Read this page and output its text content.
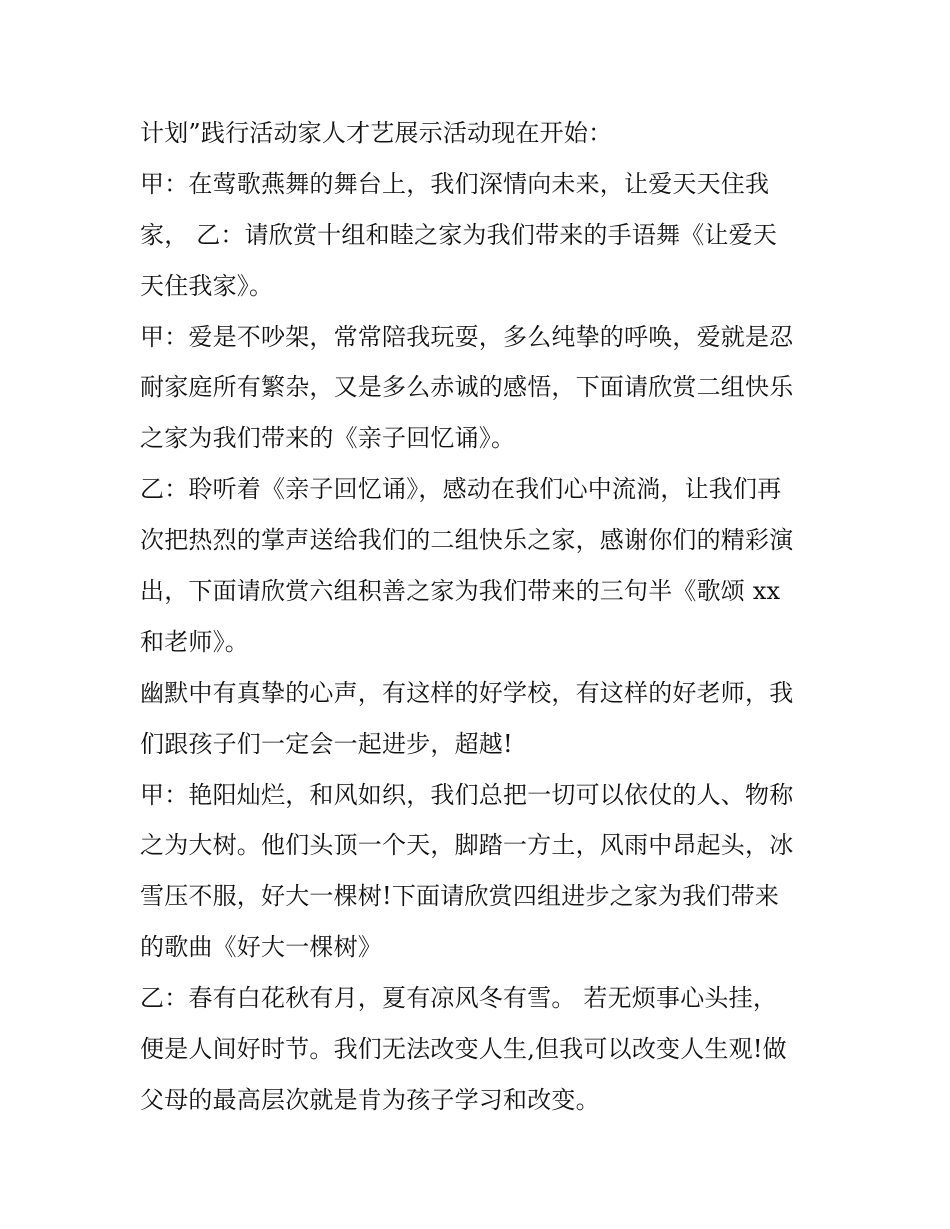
计划”践行活动家人才艺展示活动现在开始：
甲：在莺歌燕舞的舞台上，我们深情向未来，让爱天天住我
家， 乙：请欣赏十组和睦之家为我们带来的手语舞《让爱天
天住我家》。
甲：爱是不吵架，常常陪我玩耍，多么纯挚的呼唤，爱就是忍
耐家庭所有繁杂，又是多么赤诚的感悟，下面请欣赏二组快乐
之家为我们带来的《亲子回忆诵》。
乙：聆听着《亲子回忆诵》，感动在我们心中流淌，让我们再
次把热烈的掌声送给我们的二组快乐之家，感谢你们的精彩演
出，下面请欣赏六组积善之家为我们带来的三句半《歌颂 xx
和老师》。
幽默中有真挚的心声，有这样的好学校，有这样的好老师，我
们跟孩子们一定会一起进步，超越!
甲：艳阳灿烂，和风如织，我们总把一切可以依仗的人、物称
之为大树。他们头顶一个天，脚踏一方土，风雨中昂起头，冰
雪压不服，好大一棵树!下面请欣赏四组进步之家为我们带来
的歌曲《好大一棵树》
乙：春有白花秋有月，夏有凉风冬有雪。 若无烦事心头挂，
便是人间好时节。我们无法改变人生,但我可以改变人生观!做
父母的最高层次就是肯为孩子学习和改变。
